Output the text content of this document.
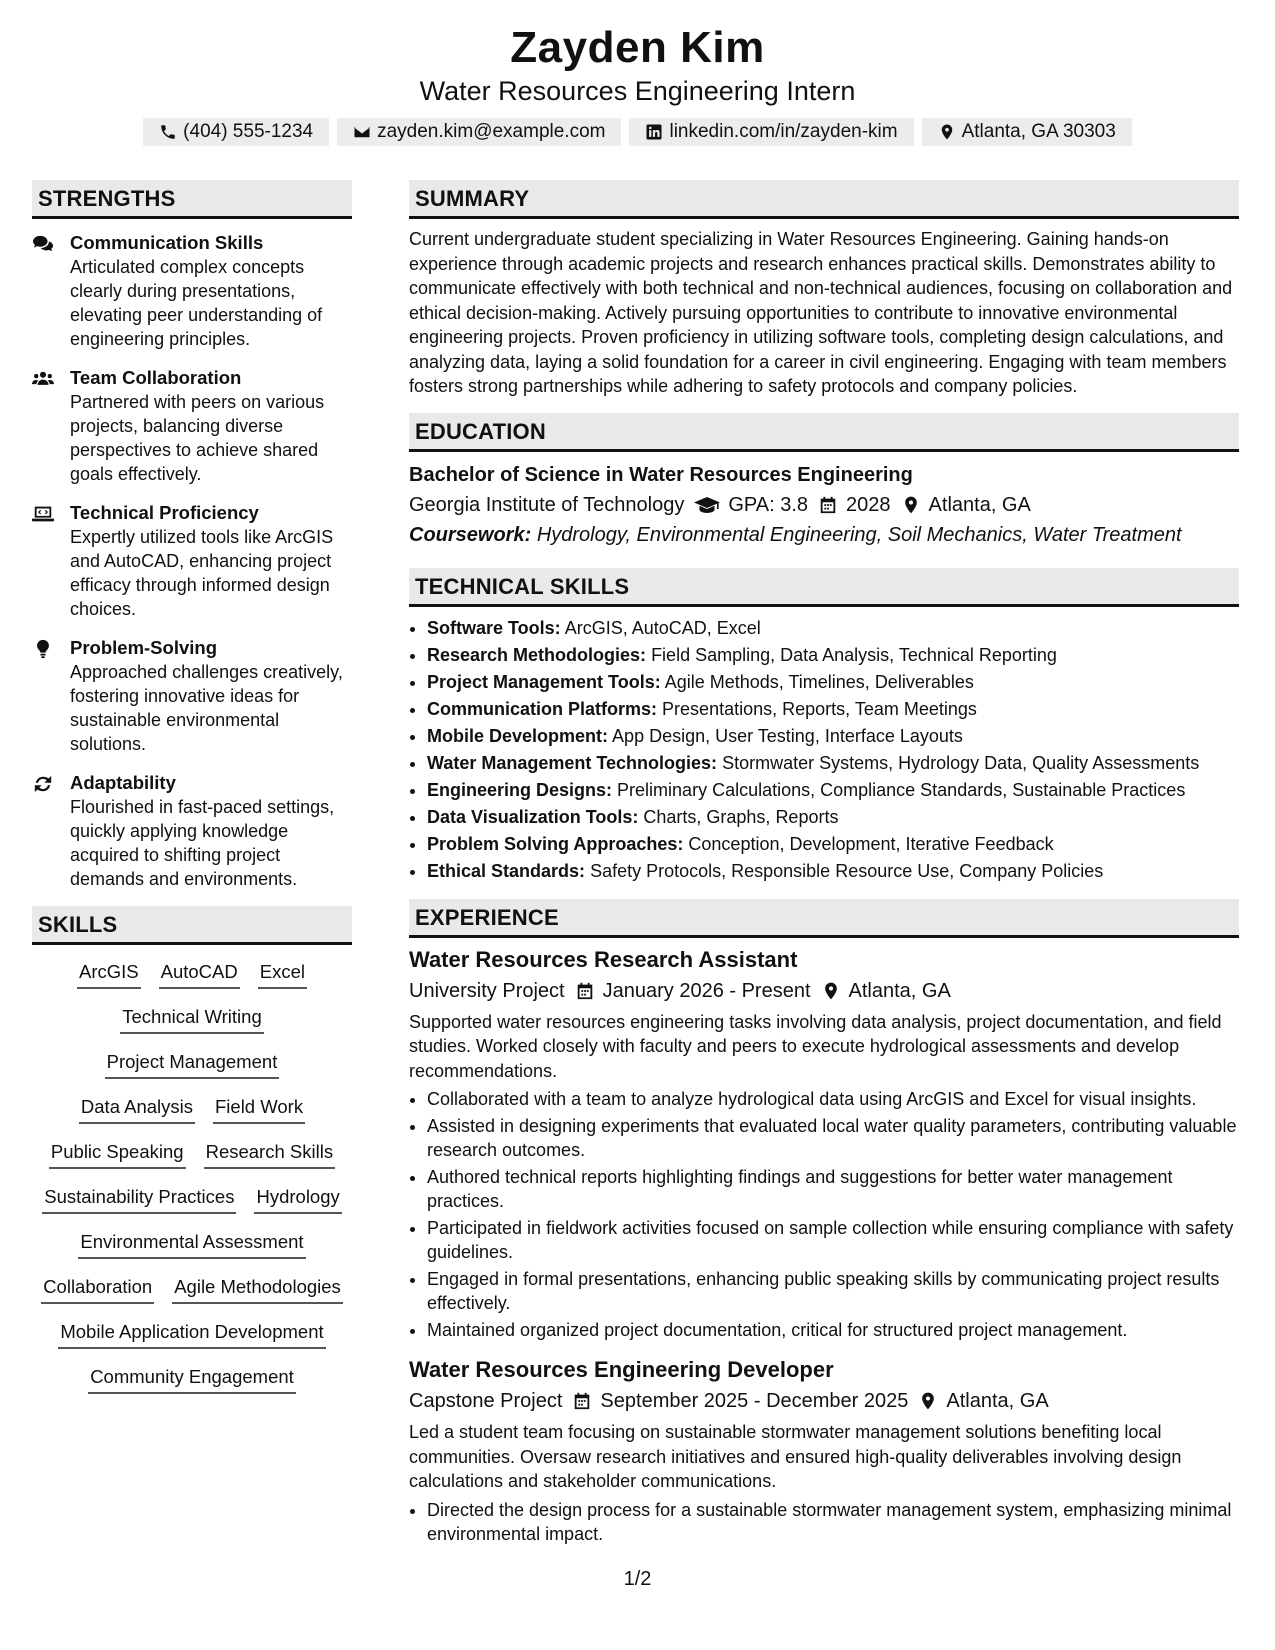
Zayden Kim
Water Resources Engineering Intern
(404) 555-1234	zayden.kim@example.com	linkedin.com/in/zayden-kim	Atlanta, GA 30303
STRENGTHS
Communication Skills
Articulated complex concepts clearly during presentations, elevating peer understanding of engineering principles.
Team Collaboration
Partnered with peers on various projects, balancing diverse perspectives to achieve shared goals effectively.
Technical Proficiency
Expertly utilized tools like ArcGIS and AutoCAD, enhancing project efficacy through informed design choices.
Problem-Solving
Approached challenges creatively, fostering innovative ideas for sustainable environmental solutions.
Adaptability
Flourished in fast-paced settings, quickly applying knowledge acquired to shifting project demands and environments.
SKILLS
ArcGIS AutoCAD Excel
Technical Writing
Project Management
Data Analysis Field Work
Public Speaking Research Skills
Sustainability Practices Hydrology
Environmental Assessment
Collaboration Agile Methodologies
Mobile Application Development
Community Engagement
SUMMARY
Current undergraduate student specializing in Water Resources Engineering. Gaining hands-on experience through academic projects and research enhances practical skills. Demonstrates ability to communicate effectively with both technical and non-technical audiences, focusing on collaboration and ethical decision-making. Actively pursuing opportunities to contribute to innovative environmental engineering projects. Proven proficiency in utilizing software tools, completing design calculations, and analyzing data, laying a solid foundation for a career in civil engineering. Engaging with team members fosters strong partnerships while adhering to safety protocols and company policies.
EDUCATION
Bachelor of Science in Water Resources Engineering
Georgia Institute of Technology GPA: 3.8 2028 Atlanta, GA
Coursework: Hydrology, Environmental Engineering, Soil Mechanics, Water Treatment
TECHNICAL SKILLS
• Software Tools: ArcGIS, AutoCAD, Excel
• Research Methodologies: Field Sampling, Data Analysis, Technical Reporting
• Project Management Tools: Agile Methods, Timelines, Deliverables
• Communication Platforms: Presentations, Reports, Team Meetings
• Mobile Development: App Design, User Testing, Interface Layouts
• Water Management Technologies: Stormwater Systems, Hydrology Data, Quality Assessments
• Engineering Designs: Preliminary Calculations, Compliance Standards, Sustainable Practices
• Data Visualization Tools: Charts, Graphs, Reports
• Problem Solving Approaches: Conception, Development, Iterative Feedback
• Ethical Standards: Safety Protocols, Responsible Resource Use, Company Policies
EXPERIENCE
Water Resources Research Assistant
University Project January 2026 - Present Atlanta, GA
Supported water resources engineering tasks involving data analysis, project documentation, and field studies. Worked closely with faculty and peers to execute hydrological assessments and develop recommendations.
• Collaborated with a team to analyze hydrological data using ArcGIS and Excel for visual insights.
• Assisted in designing experiments that evaluated local water quality parameters, contributing valuable research outcomes.
• Authored technical reports highlighting findings and suggestions for better water management practices.
• Participated in fieldwork activities focused on sample collection while ensuring compliance with safety guidelines.
• Engaged in formal presentations, enhancing public speaking skills by communicating project results effectively.
• Maintained organized project documentation, critical for structured project management.
Water Resources Engineering Developer
Capstone Project September 2025 - December 2025 Atlanta, GA
Led a student team focusing on sustainable stormwater management solutions benefiting local communities. Oversaw research initiatives and ensured high-quality deliverables involving design calculations and stakeholder communications.
• Directed the design process for a sustainable stormwater management system, emphasizing minimal environmental impact.
1/2
